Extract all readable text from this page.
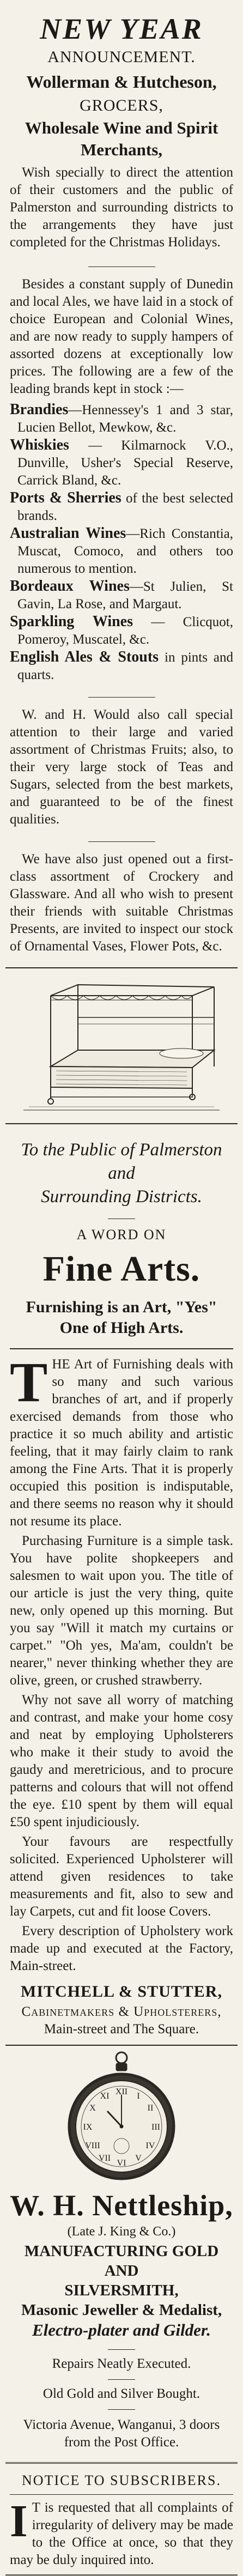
NEW YEAR
ANNOUNCEMENT.
Wollerman & Hutcheson,
GROCERS,
Wholesale Wine and Spirit
Merchants,

Wish specially to direct the attention of their customers and the public of Palmerston and surrounding districts to the arrangements they have just completed for the Christmas Holidays.

Besides a constant supply of Dunedin and local Ales, we have laid in a stock of choice European and Colonial Wines, and are now ready to supply hampers of assorted dozens at exceptionally low prices. The following are a few of the leading brands kept in stock :—

Brandies—Hennessey's 1 and 3 star, Lucien Bellot, Mewkow, &c.

Whiskies — Kilmarnock V.O., Dunville, Usher's Special Reserve, Carrick Bland, &c.

Ports & Sherries of the best selected brands.

Australian Wines—Rich Constantia, Muscat, Comoco, and others too numerous to mention.

Bordeaux Wines—St Julien, St Gavin, La Rose, and Margaut.

Sparkling Wines — Clicquot, Pomeroy, Muscatel, &c.

English Ales & Stouts in pints and quarts.

W. and H. Would also call special attention to their large and varied assortment of Christmas Fruits; also, to their very large stock of Teas and Sugars, selected from the best markets, and guaranteed to be of the finest qualities.

We have also just opened out a first-class assortment of Crockery and Glassware. And all who wish to present their friends with suitable Christmas Presents, are invited to inspect our stock of Ornamental Vases, Flower Pots, &c.

To the Public of Palmerston and
Surrounding Districts.
A WORD ON
Fine Arts.
Furnishing is an Art, "Yes"
One of High Arts.
THE Art of Furnishing deals with so many and such various branches of art, and if properly exercised demands from those who practice it so much ability and artistic feeling, that it may fairly claim to rank among the Fine Arts. That it is properly occupied this position is indisputable, and there seems no reason why it should not resume its place.

Purchasing Furniture is a simple task. You have polite shopkeepers and salesmen to wait upon you. The title of our article is just the very thing, quite new, only opened up this morning. But you say "Will it match my curtains or carpet." "Oh yes, Ma'am, couldn't be nearer," never thinking whether they are olive, green, or crushed strawberry.

Why not save all worry of matching and contrast, and make your home cosy and neat by employing Upholsterers who make it their study to avoid the gaudy and meretricious, and to procure patterns and colours that will not offend the eye. £10 spent by them will equal £50 spent injudiciously.

Your favours are respectfully solicited. Experienced Upholsterer will attend given residences to take measurements and fit, also to sew and lay Carpets, cut and fit loose Covers.

Every description of Upholstery work made up and executed at the Factory, Main-street.

MITCHELL & STUTTER,
Cabinetmakers & Upholsterers,
Main-street and The Square.
XII I
II
III
IV
V
VI
VII
VIII
IX
X
XI
W. H. Nettleship,
(Late J. King & Co.)
MANUFACTURING GOLD AND
SILVERSMITH,
Masonic Jeweller & Medalist,
Electro-plater and Gilder.
Repairs Neatly Executed.
Old Gold and Silver Bought.

Victoria Avenue, Wanganui, 3 doors from the Post Office.

NOTICE TO SUBSCRIBERS.
I T is requested that all complaints of irregularity of delivery may be made to the Office at once, so that they may be duly inquired into.
